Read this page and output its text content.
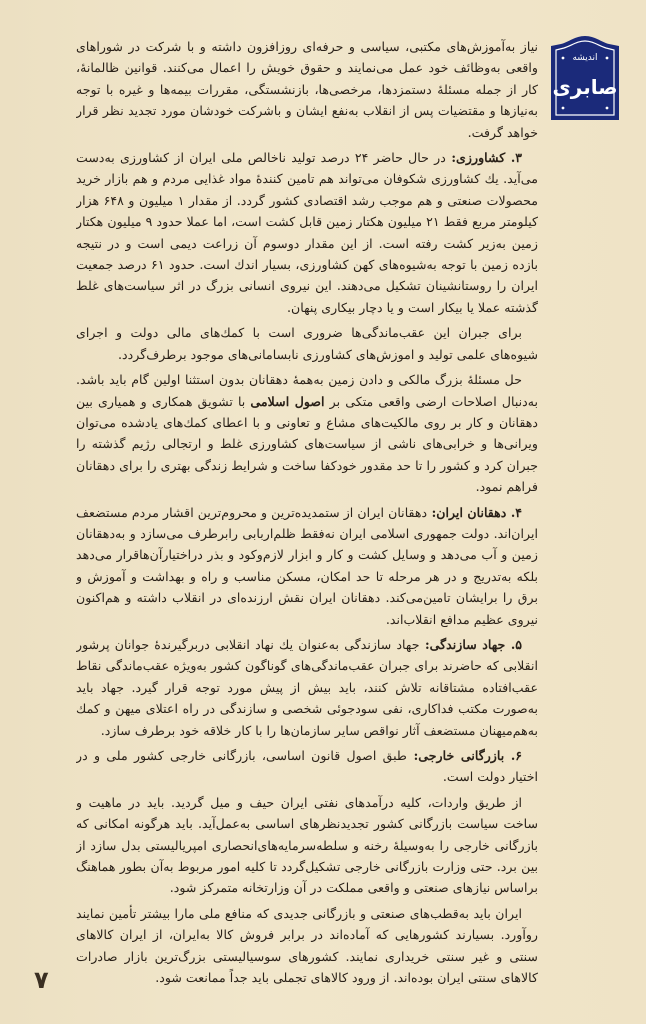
اندیشه
صابری

نیاز به‌آموزش‌های مکتبی، سیاسی و حرفه‌ای روزافزون داشته و با شرکت در شوراهای واقعی به‌وظائف خود عمل می‌نمایند و حقوق خویش را اعمال می‌کنند. قوانین ظالمانهٔ، کار از جمله مسئلهٔ دستمزدها، مرخصی‌ها، بازنشستگی، مقررات بیمه‌ها و غیره با توجه به‌نیازها و مقتضیات پس از انقلاب به‌نفع ایشان و باشرکت خودشان مورد تجدید نظر قرار خواهد گرفت.

۳. کشاورزی: در حال حاضر ۲۴ درصد تولید ناخالص ملی ایران از کشاورزی به‌دست می‌آید. یك کشاورزی شکوفان می‌تواند هم تامین کنندهٔ مواد غذایی مردم و هم بازار خرید محصولات صنعتی و هم موجب رشد اقتصادی کشور گردد. از مقدار ۱ میلیون و ۶۴۸ هزار کیلومتر مربع فقط ۲۱ میلیون هکتار زمین قابل کشت است، اما عملا حدود ۹ میلیون هکتار زمین به‌زیر کشت رفته است. از این مقدار دوسوم آن زراعت دیمی است و در نتیجه بازده زمین با توجه به‌شیوه‌های کهن کشاورزی، بسیار اندك است. حدود ۶۱ درصد جمعیت ایران را روستانشینان تشکیل می‌دهند. این نیروی انسانی بزرگ در اثر سیاست‌های غلط گذشته عملا یا بیکار است و یا دچار بیکاری پنهان.

برای جبران این عقب‌ماندگی‌ها ضروری است با کمك‌های مالی دولت و اجرای شیوه‌های علمی تولید و اموزش‌های کشاورزی نابسامانی‌های موجود برطرف‌گردد.

حل مسئلهٔ بزرگ مالکی و دادن زمین به‌همهٔ دهقانان بدون استثنا اولین گام باید باشد. به‌دنبال اصلاحات ارضی واقعی متکی بر اصول اسلامی با تشویق همکاری و همیاری بین دهقانان و کار بر روی مالکیت‌های مشاع و تعاونی و با اعطای کمك‌های یادشده می‌توان ویرانی‌ها و خرابی‌های ناشی از سیاست‌های کشاورزی غلط و ارتجالی رژیم گذشته را جبران کرد و کشور را تا حد مقدور خودکفا ساخت و شرایط زندگی بهتری را برای دهقانان فراهم نمود.

۴. دهقانان ایران: دهقانان ایران از ستمدیده‌ترین و محروم‌ترین اقشار مردم مستضعف ایران‌اند. دولت جمهوری اسلامی ایران نه‌فقط ظلم‌اربابی رابرطرف می‌سازد و به‌دهقانان زمین و آب می‌دهد و وسایل کشت و کار و ابزار لازم‌وکود و بذر دراختیارآن‌هاقرار می‌دهد بلکه به‌تدریج و در هر مرحله تا حد امکان، مسکن مناسب و راه و بهداشت و آموزش و برق را برایشان تامین‌می‌کند. دهقانان ایران نقش ارزنده‌ای در انقلاب داشته و هم‌اکنون نیروی عظیم مدافع انقلاب‌اند.

۵. جهاد سازندگی: جهاد سازندگی به‌عنوان یك نهاد انقلابی دربرگیرندهٔ جوانان پرشور انقلابی که حاضرند برای جبران عقب‌ماندگی‌های گوناگون کشور به‌ویژه عقب‌ماندگی نقاط عقب‌افتاده مشتاقانه تلاش کنند، باید بیش از پیش مورد توجه قرار گیرد. جهاد باید به‌صورت مکتب فداکاری، نفی سودجوئی شخصی و سازندگی در راه اعتلای میهن و کمك به‌هم‌میهنان مستضعف آثار نواقص سایر سازمان‌ها را با کار خلاقه خود برطرف سازد.

۶. بازرگانی خارجی: طبق اصول قانون اساسی، بازرگانی خارجی کشور ملی و در اختیار دولت است.

از طریق واردات، کلیه درآمدهای نفتی ایران حیف و میل گردید. باید در ماهیت و ساخت سیاست بازرگانی کشور تجدیدنظرهای اساسی به‌عمل‌آید. باید هرگونه امکانی که بازرگانی خارجی را به‌وسیلهٔ رخنه و سلطه‌سرمایه‌های‌انحصاری امپریالیستی بدل سازد از بین برد. حتی وزارت بازرگانی خارجی تشکیل‌گردد تا کلیه امور مربوط به‌آن بطور هماهنگ براساس نیازهای صنعتی و واقعی مملکت در آن وزارتخانه متمرکز شود.

ایران باید به‌قطب‌های صنعتی و بازرگانی جدیدی که منافع ملی مارا بیشتر تأمین نمایند روآورد. بسیارند کشورهایی که آماده‌اند در برابر فروش کالا به‌ایران، از ایران کالاهای سنتی و غیر سنتی خریداری نمایند. کشورهای سوسیالیستی بزرگ‌ترین بازار صادرات کالاهای سنتی ایران بوده‌اند. از ورود کالاهای تجملی باید جداً ممانعت شود.

۷
